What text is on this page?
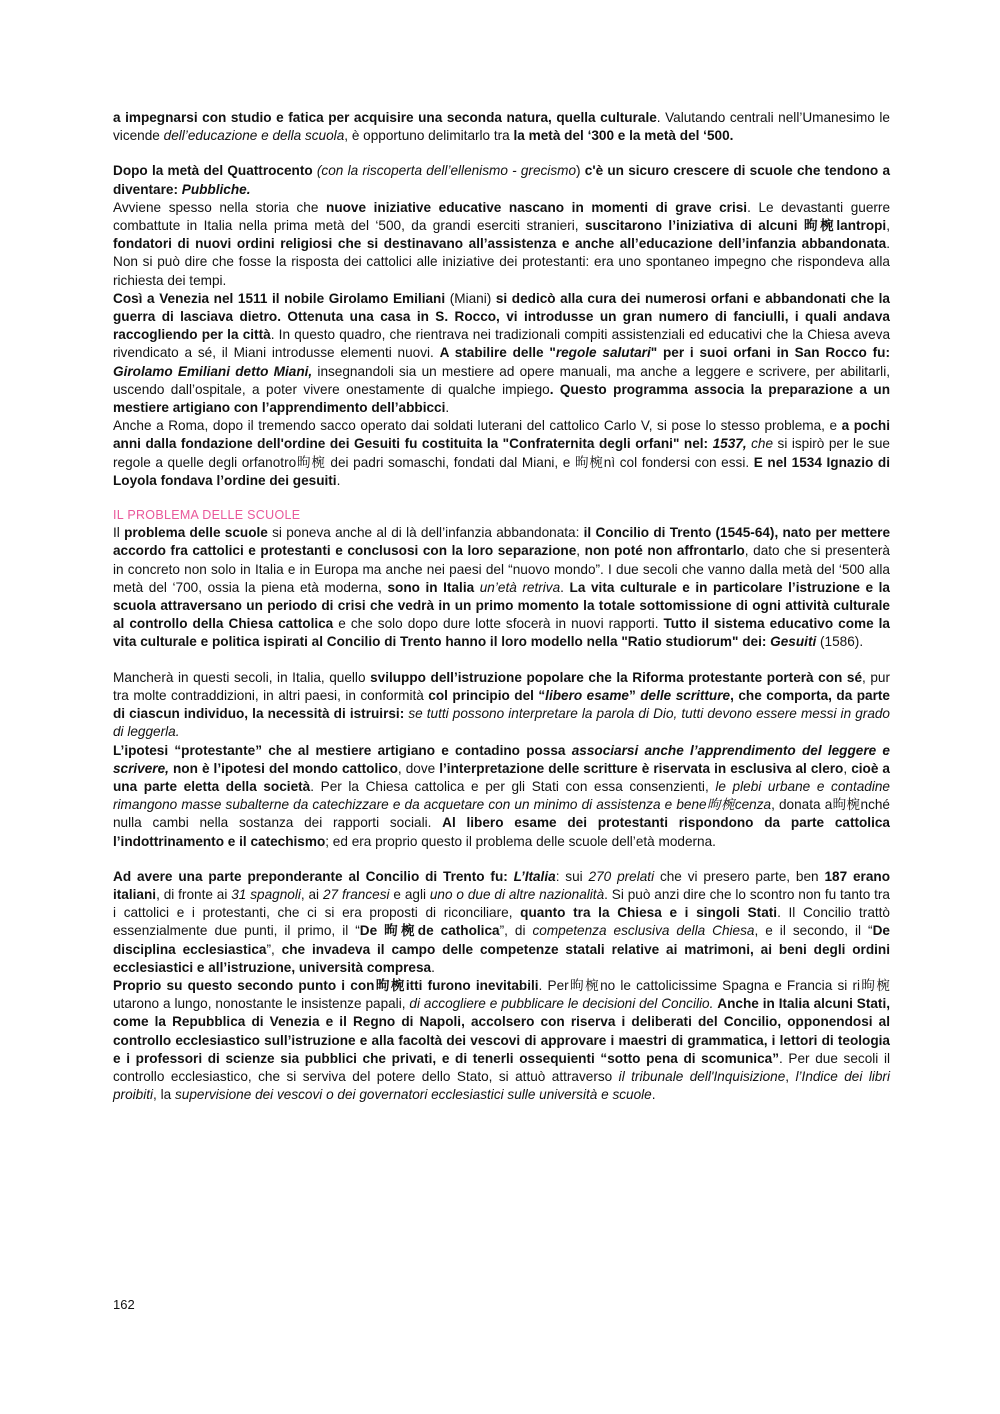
a impegnarsi con studio e fatica per acquisire una seconda natura, quella culturale. Valutando centrali nell’Umanesimo le vicende dell’educazione e della scuola, è opportuno delimitarlo tra la metà del ‘300 e la metà del ‘500.

Dopo la metà del Quattrocento (con la riscoperta dell’ellenismo - grecismo) c'è un sicuro crescere di scuole che tendono a diventare: Pubbliche.

Avviene spesso nella storia che nuove iniziative educative nascano in momenti di grave crisi. Le devastanti guerre combattute in Italia nella prima metà del ‘500, da grandi eserciti stranieri, suscitarono l’iniziativa di alcuni 昫椀lantropi, fondatori di nuovi ordini religiosi che si destinavano all’assistenza e anche all’educazione dell’infanzia abbandonata. Non si può dire che fosse la risposta dei cattolici alle iniziative dei protestanti: era uno spontaneo impegno che rispondeva alla richiesta dei tempi.

Così a Venezia nel 1511 il nobile Girolamo Emiliani (Miani) si dedicò alla cura dei numerosi orfani e abbandonati che la guerra di lasciava dietro. Ottenuta una casa in S. Rocco, vi introdusse un gran numero di fanciulli, i quali andava raccogliendo per la città. In questo quadro, che rientrava nei tradizionali compiti assistenziali ed educativi che la Chiesa aveva rivendicato a sé, il Miani introdusse elementi nuovi. A stabilire delle "regole salutari" per i suoi orfani in San Rocco fu: Girolamo Emiliani detto Miani, insegnandoli sia un mestiere ad opere manuali, ma anche a leggere e scrivere, per abilitarli, uscendo dall’ospitale, a poter vivere onestamente di qualche impiego. Questo programma associa la preparazione a un mestiere artigiano con l’apprendimento dell’abbicci.

Anche a Roma, dopo il tremendo sacco operato dai soldati luterani del cattolico Carlo V, si pose lo stesso problema, e a pochi anni dalla fondazione dell'ordine dei Gesuiti fu costituita la "Confraternita degli orfani" nel: 1537, che si ispirò per le sue regole a quelle degli orfanotro昫椀 dei padri somaschi, fondati dal Miani, e 昫椀nì col fondersi con essi. E nel 1534 Ignazio di Loyola fondava l’ordine dei gesuiti.

IL PROBLEMA DELLE SCUOLE

Il problema delle scuole si poneva anche al di là dell’infanzia abbandonata: il Concilio di Trento (1545-64), nato per mettere accordo fra cattolici e protestanti e conclusosi con la loro separazione, non poté non affrontarlo, dato che si presenterà in concreto non solo in Italia e in Europa ma anche nei paesi del “nuovo mondo”. I due secoli che vanno dalla metà del ‘500 alla metà del ‘700, ossia la piena età moderna, sono in Italia un’età retriva. La vita culturale e in particolare l’istruzione e la scuola attraversano un periodo di crisi che vedrà in un primo momento la totale sottomissione di ogni attività culturale al controllo della Chiesa cattolica e che solo dopo dure lotte sfocerà in nuovi rapporti. Tutto il sistema educativo come la vita culturale e politica ispirati al Concilio di Trento hanno il loro modello nella "Ratio studiorum" dei: Gesuiti (1586).

Mancherà in questi secoli, in Italia, quello sviluppo dell’istruzione popolare che la Riforma protestante porterà con sé, pur tra molte contraddizioni, in altri paesi, in conformità col principio del “libero esame” delle scritture, che comporta, da parte di ciascun individuo, la necessità di istruirsi: se tutti possono interpretare la parola di Dio, tutti devono essere messi in grado di leggerla.

L’ipotesi “protestante” che al mestiere artigiano e contadino possa associarsi anche l’apprendimento del leggere e scrivere, non è l’ipotesi del mondo cattolico, dove l’interpretazione delle scritture è riservata in esclusiva al clero, cioè a una parte eletta della società. Per la Chiesa cattolica e per gli Stati con essa consenzienti, le plebi urbane e contadine rimangono masse subalterne da catechizzare e da acquetare con un minimo di assistenza e bene昫椀cenza, donata a昫椀nché nulla cambi nella sostanza dei rapporti sociali. Al libero esame dei protestanti rispondono da parte cattolica l’indottrinamento e il catechismo; ed era proprio questo il problema delle scuole dell’età moderna.

Ad avere una parte preponderante al Concilio di Trento fu: L’Italia: sui 270 prelati che vi presero parte, ben 187 erano italiani, di fronte ai 31 spagnoli, ai 27 francesi e agli uno o due di altre nazionalità. Si può anzi dire che lo scontro non fu tanto tra i cattolici e i protestanti, che ci si era proposti di riconciliare, quanto tra la Chiesa e i singoli Stati. Il Concilio trattò essenzialmente due punti, il primo, il “De 昫椀de catholica”, di competenza esclusiva della Chiesa, e il secondo, il “De disciplina ecclesiastica”, che invadeva il campo delle competenze statali relative ai matrimoni, ai beni degli ordini ecclesiastici e all’istruzione, università compresa.

Proprio su questo secondo punto i con昫椀itti furono inevitabili. Per昫椀no le cattolicissime Spagna e Francia si ri昫椀utarono a lungo, nonostante le insistenze papali, di accogliere e pubblicare le decisioni del Concilio. Anche in Italia alcuni Stati, come la Repubblica di Venezia e il Regno di Napoli, accolsero con riserva i deliberati del Concilio, opponendosi al controllo ecclesiastico sull’istruzione e alla facoltà dei vescovi di approvare i maestri di grammatica, i lettori di teologia e i professori di scienze sia pubblici che privati, e di tenerli ossequienti “sotto pena di scomunica”. Per due secoli il controllo ecclesiastico, che si serviva del potere dello Stato, si attuò attraverso il tribunale dell'Inquisizione, l’Indice dei libri proibiti, la supervisione dei vescovi o dei governatori ecclesiastici sulle università e scuole.

162
